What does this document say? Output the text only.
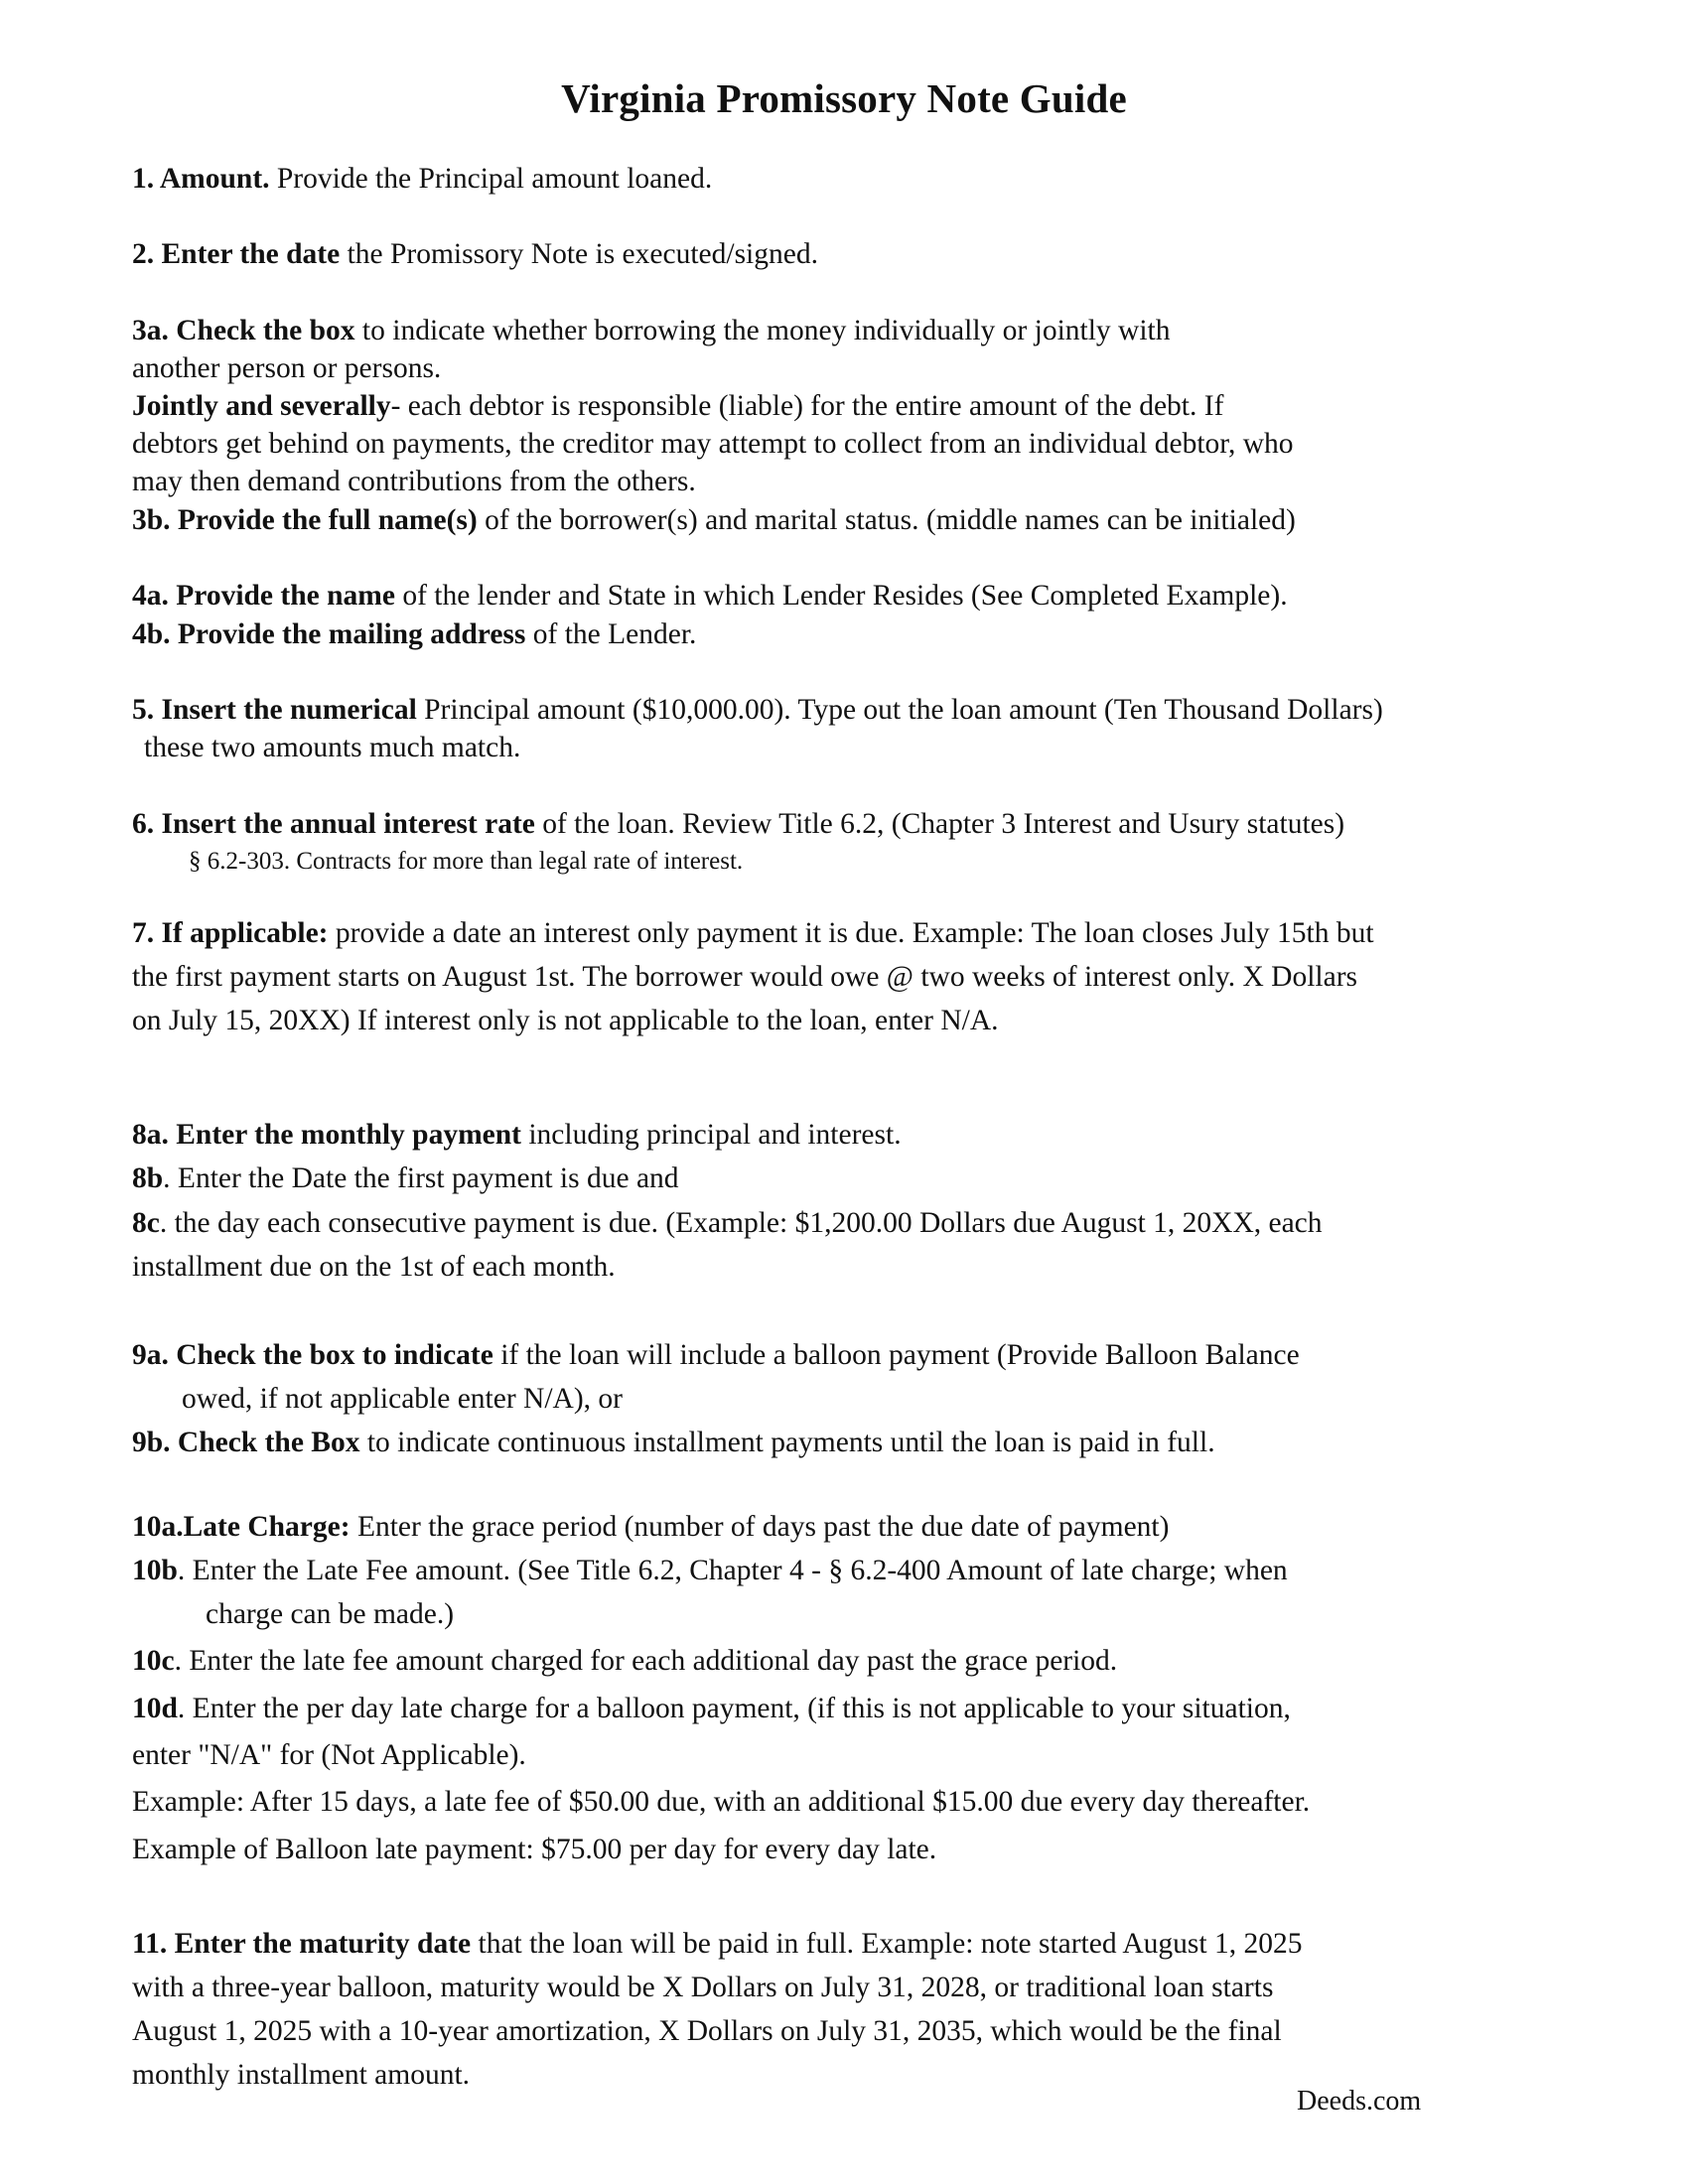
Virginia Promissory Note Guide
1. Amount. Provide the Principal amount loaned.
2. Enter the date the Promissory Note is executed/signed.
3a. Check the box to indicate whether borrowing the money individually or jointly with
another person or persons.
Jointly and severally- each debtor is responsible (liable) for the entire amount of the debt. If
debtors get behind on payments, the creditor may attempt to collect from an individual debtor, who
may then demand contributions from the others.
3b. Provide the full name(s) of the borrower(s) and marital status. (middle names can be initialed)
4a. Provide the name of the lender and State in which Lender Resides (See Completed Example).
4b. Provide the mailing address of the Lender.
5. Insert the numerical Principal amount ($10,000.00). Type out the loan amount (Ten Thousand Dollars)
these two amounts much match.
6. Insert the annual interest rate of the loan. Review Title 6.2, (Chapter 3 Interest and Usury statutes)
§ 6.2-303. Contracts for more than legal rate of interest.
7. If applicable: provide a date an interest only payment it is due. Example: The loan closes July 15th but
the first payment starts on August 1st. The borrower would owe @ two weeks of interest only. X Dollars
on July 15, 20XX) If interest only is not applicable to the loan, enter N/A.
8a. Enter the monthly payment including principal and interest.
8b. Enter the Date the first payment is due and
8c. the day each consecutive payment is due. (Example: $1,200.00 Dollars due August 1, 20XX, each
installment due on the 1st of each month.
9a. Check the box to indicate if the loan will include a balloon payment (Provide Balloon Balance
owed, if not applicable enter N/A), or
9b. Check the Box to indicate continuous installment payments until the loan is paid in full.
10a.Late Charge: Enter the grace period (number of days past the due date of payment)
10b. Enter the Late Fee amount. (See Title 6.2, Chapter 4 - § 6.2-400 Amount of late charge; when
charge can be made.)
10c. Enter the late fee amount charged for each additional day past the grace period.
10d. Enter the per day late charge for a balloon payment, (if this is not applicable to your situation,
enter "N/A" for (Not Applicable).
Example: After 15 days, a late fee of $50.00 due, with an additional $15.00 due every day thereafter.
Example of Balloon late payment: $75.00 per day for every day late.
11. Enter the maturity date that the loan will be paid in full. Example: note started August 1, 2025
with a three-year balloon, maturity would be X Dollars on July 31, 2028, or traditional loan starts
August 1, 2025 with a 10-year amortization, X Dollars on July 31, 2035, which would be the final
monthly installment amount.
Deeds.com
